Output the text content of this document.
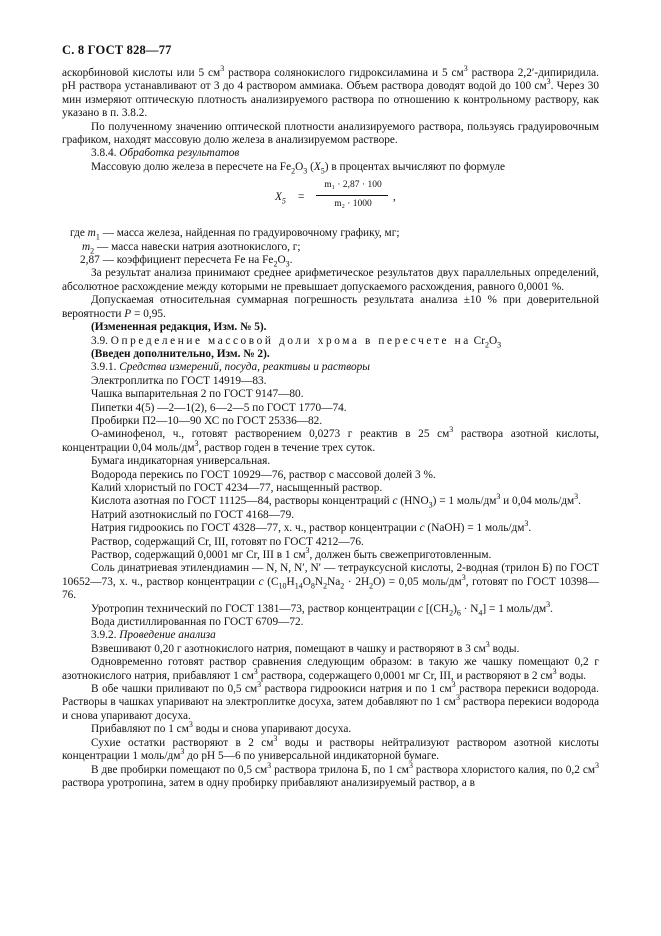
С. 8 ГОСТ 828—77

аскорбиновой кислоты или 5 $см^3$ раствора солянокислого гидроксиламина и 5 $см^3$ раствора 2,2′-дипиридила. рН раствора устанавливают от 3 до 4 раствором аммиака. Объем раствора доводят водой до 100 $см^3$. Через 30 мин измеряют оптическую плотность анализируемого раствора по отношению к контрольному раствору, как указано в п. 3.8.2.

По полученному значению оптической плотности анализируемого раствора, пользуясь градуировочным графиком, находят массовую долю железа в анализируемом растворе.

3.8.4. Обработка результатов

Массовую долю железа в пересчете на $Fe_2O_3$ $(X_5)$ в процентах вычисляют по формуле

$X_5$ =
m₁ · 2,87 · 100
m₂ · 1000
,

где $m_1$ — масса железа, найденная по градуировочному графику, мг;

$m_2$ — масса навески натрия азотнокислого, г;

2,87 — коэффициент пересчета Fe на $Fe_2O_3$.

За результат анализа принимают среднее арифметическое результатов двух параллельных определений, абсолютное расхождение между которыми не превышает допускаемого расхождения, равного 0,0001 %.

Допускаемая относительная суммарная погрешность результата анализа ±10 % при доверительной вероятности P = 0,95.

(Измененная редакция, Изм. № 5).

3.9. Определение массовой доли хрома в пересчете на $Cr_2O_3$

(Введен дополнительно, Изм. № 2).

3.9.1. Средства измерений, посуда, реактивы и растворы

Электроплитка по ГОСТ 14919—83.

Чашка выпарительная 2 по ГОСТ 9147—80.

Пипетки 4(5) —2—1(2), 6—2—5 по ГОСТ 1770—74.

Пробирки П2—10—90 ХС по ГОСТ 25336—82.

О-аминофенол, ч., готовят растворением 0,0273 г реактив в 25 $см^3$ раствора азотной кислоты, концентрации 0,04 моль/$дм^3$, раствор годен в течение трех суток.

Бумага индикаторная универсальная.

Водорода перекись по ГОСТ 10929—76, раствор с массовой долей 3 %.

Калий хлористый по ГОСТ 4234—77, насыщенный раствор.

Кислота азотная по ГОСТ 11125—84, растворы концентраций c $(HNO_3) = 1$ моль/$дм^3$ и 0,04 моль/$дм^3$.

Натрий азотнокислый по ГОСТ 4168—79.

Натрия гидроокись по ГОСТ 4328—77, х. ч., раствор концентрации c (NaOH) = 1 моль/$дм^3$.

Раствор, содержащий Cr, III, готовят по ГОСТ 4212—76.

Раствор, содержащий 0,0001 мг Cr, III в 1 $см^3$, должен быть свежеприготовленным.

Соль динатриевая этилендиамин — N, N, N′, N′ — тетрауксусной кислоты, 2-водная (трилон Б) по ГОСТ 10652—73, х. ч., раствор концентрации c $(C_{10}H_{14}O_8N_2Na_2 \cdot 2H_2O) = 0,05$ моль/$дм^3$, готовят по ГОСТ 10398—76.

Уротропин технический по ГОСТ 1381—73, раствор концентрации c $[(CH_2)_6 \cdot N_4] = 1$ моль/$дм^3$.

Вода дистиллированная по ГОСТ 6709—72.

3.9.2. Проведение анализа

Взвешивают 0,20 г азотнокислого натрия, помещают в чашку и растворяют в 3 $см^3$ воды.

Одновременно готовят раствор сравнения следующим образом: в такую же чашку помещают 0,2 г азотнокислого натрия, прибавляют 1 $см^3$ раствора, содержащего 0,0001 мг Cr, III, и растворяют в 2 $см^3$ воды.

В обе чашки приливают по 0,5 $см^3$ раствора гидроокиси натрия и по 1 $см^3$ раствора перекиси водорода. Растворы в чашках упаривают на электроплитке досуха, затем добавляют по 1 $см^3$ раствора перекиси водорода и снова упаривают досуха.

Прибавляют по 1 $см^3$ воды и снова упаривают досуха.

Сухие остатки растворяют в 2 $см^3$ воды и растворы нейтрализуют раствором азотной кислоты концентрации 1 моль/$дм^3$ до рН 5—6 по универсальной индикаторной бумаге.

В две пробирки помещают по 0,5 $см^3$ раствора трилона Б, по 1 $см^3$ раствора хлористого калия, по 0,2 $см^3$ раствора уротропина, затем в одну пробирку прибавляют анализируемый раствор, а в
